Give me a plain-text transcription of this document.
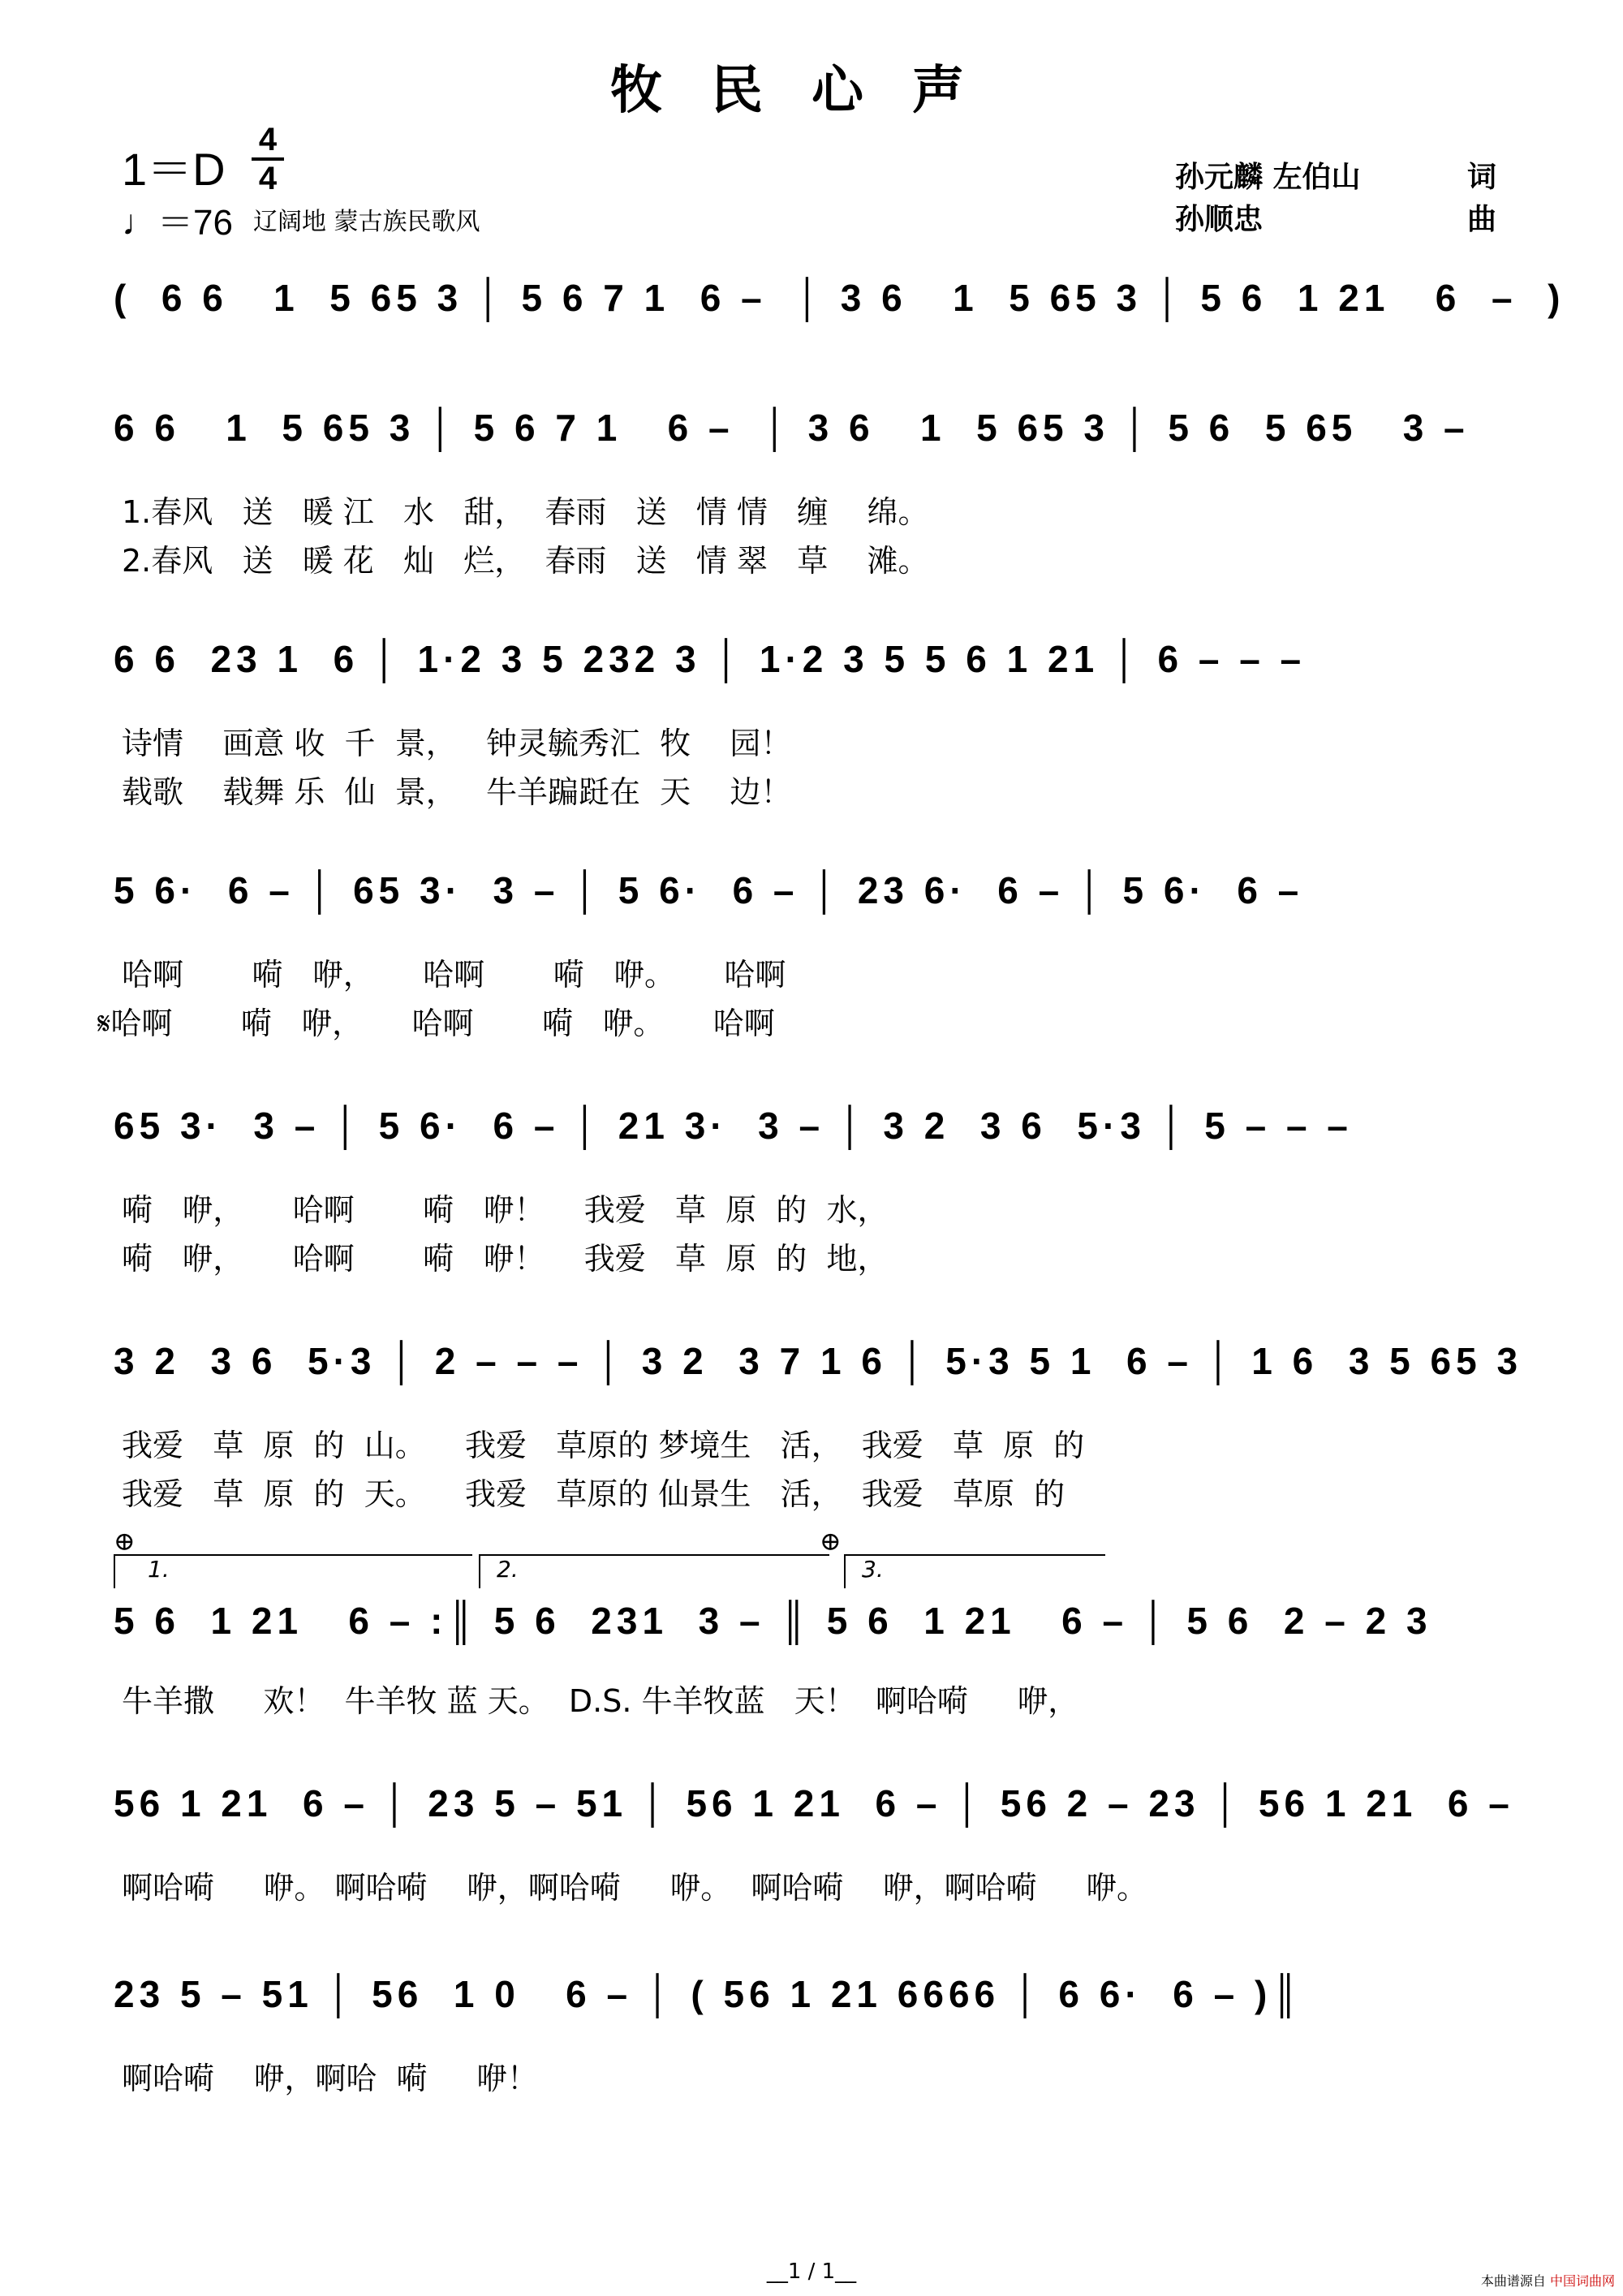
牧民心声
1＝D
4
4
♩＝76 辽阔地 蒙古族民歌风
孙元麟 左伯山	词
孙顺忠	曲
(  6 6   1  5 65 3 │ 5 6 7 1  6 –  │ 3 6   1  5 65 3 │ 5 6  1 21   6  –  )
6 6   1  5 65 3 │ 5 6 7 1   6 –  │ 3 6   1  5 65 3 │ 5 6  5 65   3 –
1.春风   送   暖 江   水   甜，  春雨   送   情 情   缠    绵。
2.春风   送   暖 花   灿   烂，  春雨   送   情 翠   草    滩。
6 6  23 1  6 │ 1·2 3 5 232 3 │ 1·2 3 5 5 6 1 21 │ 6 – – –
诗情    画意 收  千  景，   钟灵毓秀汇  牧    园！
载歌    载舞 乐  仙  景，   牛羊蹁跹在  天    边！
5 6·  6 – │ 65 3·  3 – │ 5 6·  6 – │ 23 6·  6 – │ 5 6·  6 –
哈啊       嗬   咿，     哈啊       嗬   咿。     哈啊
𝄋哈啊       嗬   咿，     哈啊       嗬   咿。     哈啊
65 3·  3 – │ 5 6·  6 – │ 21 3·  3 – │ 3 2  3 6  5·3 │ 5 – – –
嗬   咿，     哈啊       嗬   咿！    我爱   草  原  的  水，
嗬   咿，     哈啊       嗬   咿！    我爱   草  原  的  地，
3 2  3 6  5·3 │ 2 – – – │ 3 2  3 7 1 6 │ 5·3 5 1  6 – │ 1 6  3 5 65 3
我爱   草  原  的  山。    我爱   草原的 梦境生   活，  我爱   草  原  的
我爱   草  原  的  天。    我爱   草原的 仙景生   活，  我爱   草原  的
⊕	⊕
1.	2.	3.
5 6  1 21   6 – :║ 5 6  231  3 – ║ 5 6  1 21   6 – │ 5 6  2 – 2 3
牛羊撒     欢！  牛羊牧 蓝 天。  D.S. 牛羊牧蓝   天！  啊哈嗬     咿，
56 1 21  6 – │ 23 5 – 51 │ 56 1 21  6 – │ 56 2 – 23 │ 56 1 21  6 –
啊哈嗬     咿。 啊哈嗬    咿，啊哈嗬     咿。  啊哈嗬    咿，啊哈嗬     咿。
23 5 – 51 │ 56  1 0   6 – │ ( 56 1 21 6666 │ 6 6·  6 – )║
啊哈嗬    咿，啊哈  嗬     咿！
__1 / 1__	本曲谱源自 中国词曲网
